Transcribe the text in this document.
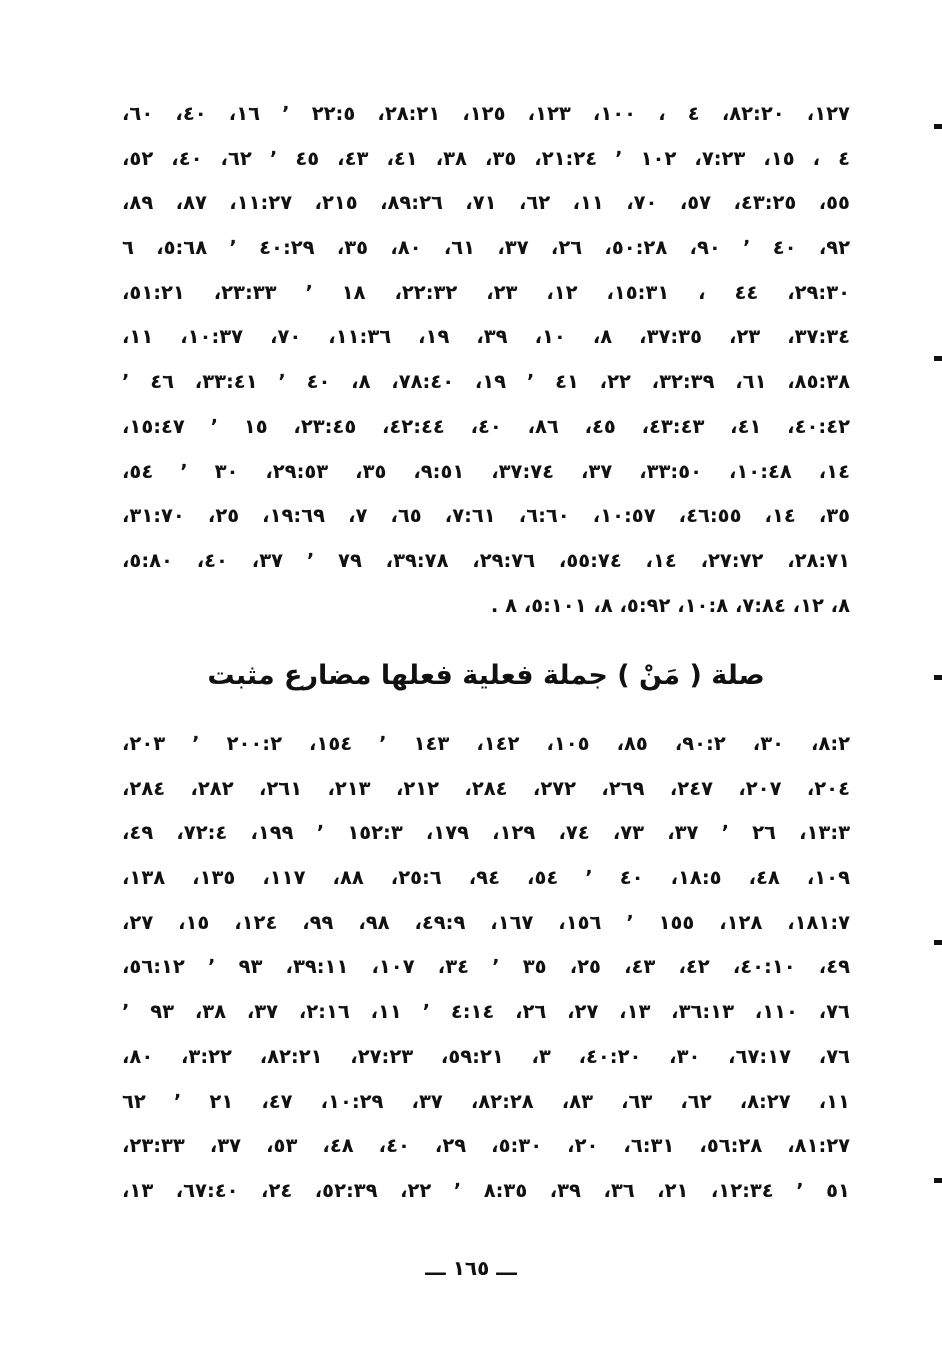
١٢٧، ٨٢:٢٠، ٤ ، ١٠٠، ١٢٣، ١٢٥، ٢٨:٢١، ٢٢:٥ ٬ ١٦، ٤٠، ٦٠،
٤ ، ١٥، ٧:٢٣، ١٠٢ ٬ ٢١:٢٤، ٣٥، ٣٨، ٤١، ٤٣، ٤٥ ٬ ٦٢، ٤٠، ٥٢،
٥٥، ٤٣:٢٥، ٥٧، ٧٠، ١١، ٦٢، ٧١، ٨٩:٢٦، ٢١٥، ١١:٢٧، ٨٧، ٨٩،
٩٢، ٤٠ ٬ ٩٠، ٥٠:٢٨، ٢٦، ٣٧، ٦١، ٨٠، ٣٥، ٤٠:٢٩ ٬ ٥:٦٨، ٦
٢٩:٣٠، ٤٤ ، ١٥:٣١، ١٢، ٢٣، ٢٢:٣٢، ١٨ ٬ ٢٣:٣٣، ٥١:٢١،
٣٧:٣٤، ٢٣، ٣٧:٣٥، ٨، ١٠، ٣٩، ١٩، ١١:٣٦، ٧٠، ١٠:٣٧، ١١،
٨٥:٣٨، ٦١، ٣٢:٣٩، ٢٢، ٤١ ٬ ١٩، ٧٨:٤٠، ٨، ٤٠ ٬ ٣٣:٤١، ٤٦ ٬
٤٠:٤٢، ٤١، ٤٣:٤٣، ٤٥، ٨٦، ٤٠، ٤٢:٤٤، ٢٣:٤٥، ١٥ ٬ ١٥:٤٧،
١٤، ١٠:٤٨، ٣٣:٥٠، ٣٧، ٣٧:٧٤، ٩:٥١، ٣٥، ٢٩:٥٣، ٣٠ ٬ ٥٤،
٣٥، ١٤، ٤٦:٥٥، ١٠:٥٧، ٦:٦٠، ٧:٦١، ٦٥، ٧، ١٩:٦٩، ٢٥، ٣١:٧٠،
٢٨:٧١، ٢٧:٧٢، ١٤، ٥٥:٧٤، ٢٩:٧٦، ٣٩:٧٨، ٧٩ ٬ ٣٧، ٤٠، ٥:٨٠،
٨، ١٢، ٧:٨٤، ١٠:٨، ٥:٩٢، ٨، ٥:١٠١، ٨ .
صلة ( مَنْ ) جملة فعلية فعلها مضارع مثبت
٨:٢، ٣٠، ٩٠:٢، ٨٥، ١٠٥، ١٤٢، ١٤٣ ٬ ١٥٤، ٢٠٠:٢ ٬ ٢٠٣،
٢٠٤، ٢٠٧، ٢٤٧، ٢٦٩، ٢٧٢، ٢٨٤، ٢١٢، ٢١٣، ٢٦١، ٢٨٢، ٢٨٤،
١٣:٣، ٢٦ ٬ ٣٧، ٧٣، ٧٤، ١٢٩، ١٧٩، ١٥٢:٣ ٬ ١٩٩، ٧٢:٤، ٤٩،
١٠٩، ٤٨، ١٨:٥، ٤٠ ٬ ٥٤، ٩٤، ٢٥:٦، ٨٨، ١١٧، ١٣٥، ١٣٨،
١٨١:٧، ١٢٨، ١٥٥ ٬ ١٥٦، ١٦٧، ٤٩:٩، ٩٨، ٩٩، ١٢٤، ١٥، ٢٧،
٤٩، ٤٠:١٠، ٤٢، ٤٣، ٢٥، ٣٥ ٬ ٣٤، ١٠٧، ٣٩:١١، ٩٣ ٬ ٥٦:١٢،
٧٦، ١١٠، ٣٦:١٣، ١٣، ٢٧، ٢٦، ٤:١٤ ٬ ١١، ٢:١٦، ٣٧، ٣٨، ٩٣ ٬
٧٦، ٦٧:١٧، ٣٠، ٤٠:٢٠، ٣، ٥٩:٢١، ٢٧:٢٣، ٨٢:٢١، ٣:٢٢، ٨٠،
١١، ٨:٢٧، ٦٢، ٦٣، ٨٣، ٨٢:٢٨، ٣٧، ١٠:٢٩، ٤٧، ٢١ ٬ ٦٢
٨١:٢٧، ٥٦:٢٨، ٦:٣١، ٢٠، ٥:٣٠، ٢٩، ٤٠، ٤٨، ٥٣، ٣٧، ٢٣:٣٣،
٥١ ٬ ١٢:٣٤، ٢١، ٣٦، ٣٩، ٨:٣٥ ٬ ٢٢، ٥٢:٣٩، ٢٤، ٦٧:٤٠، ١٣،
ـــ ١٦٥ ـــ
